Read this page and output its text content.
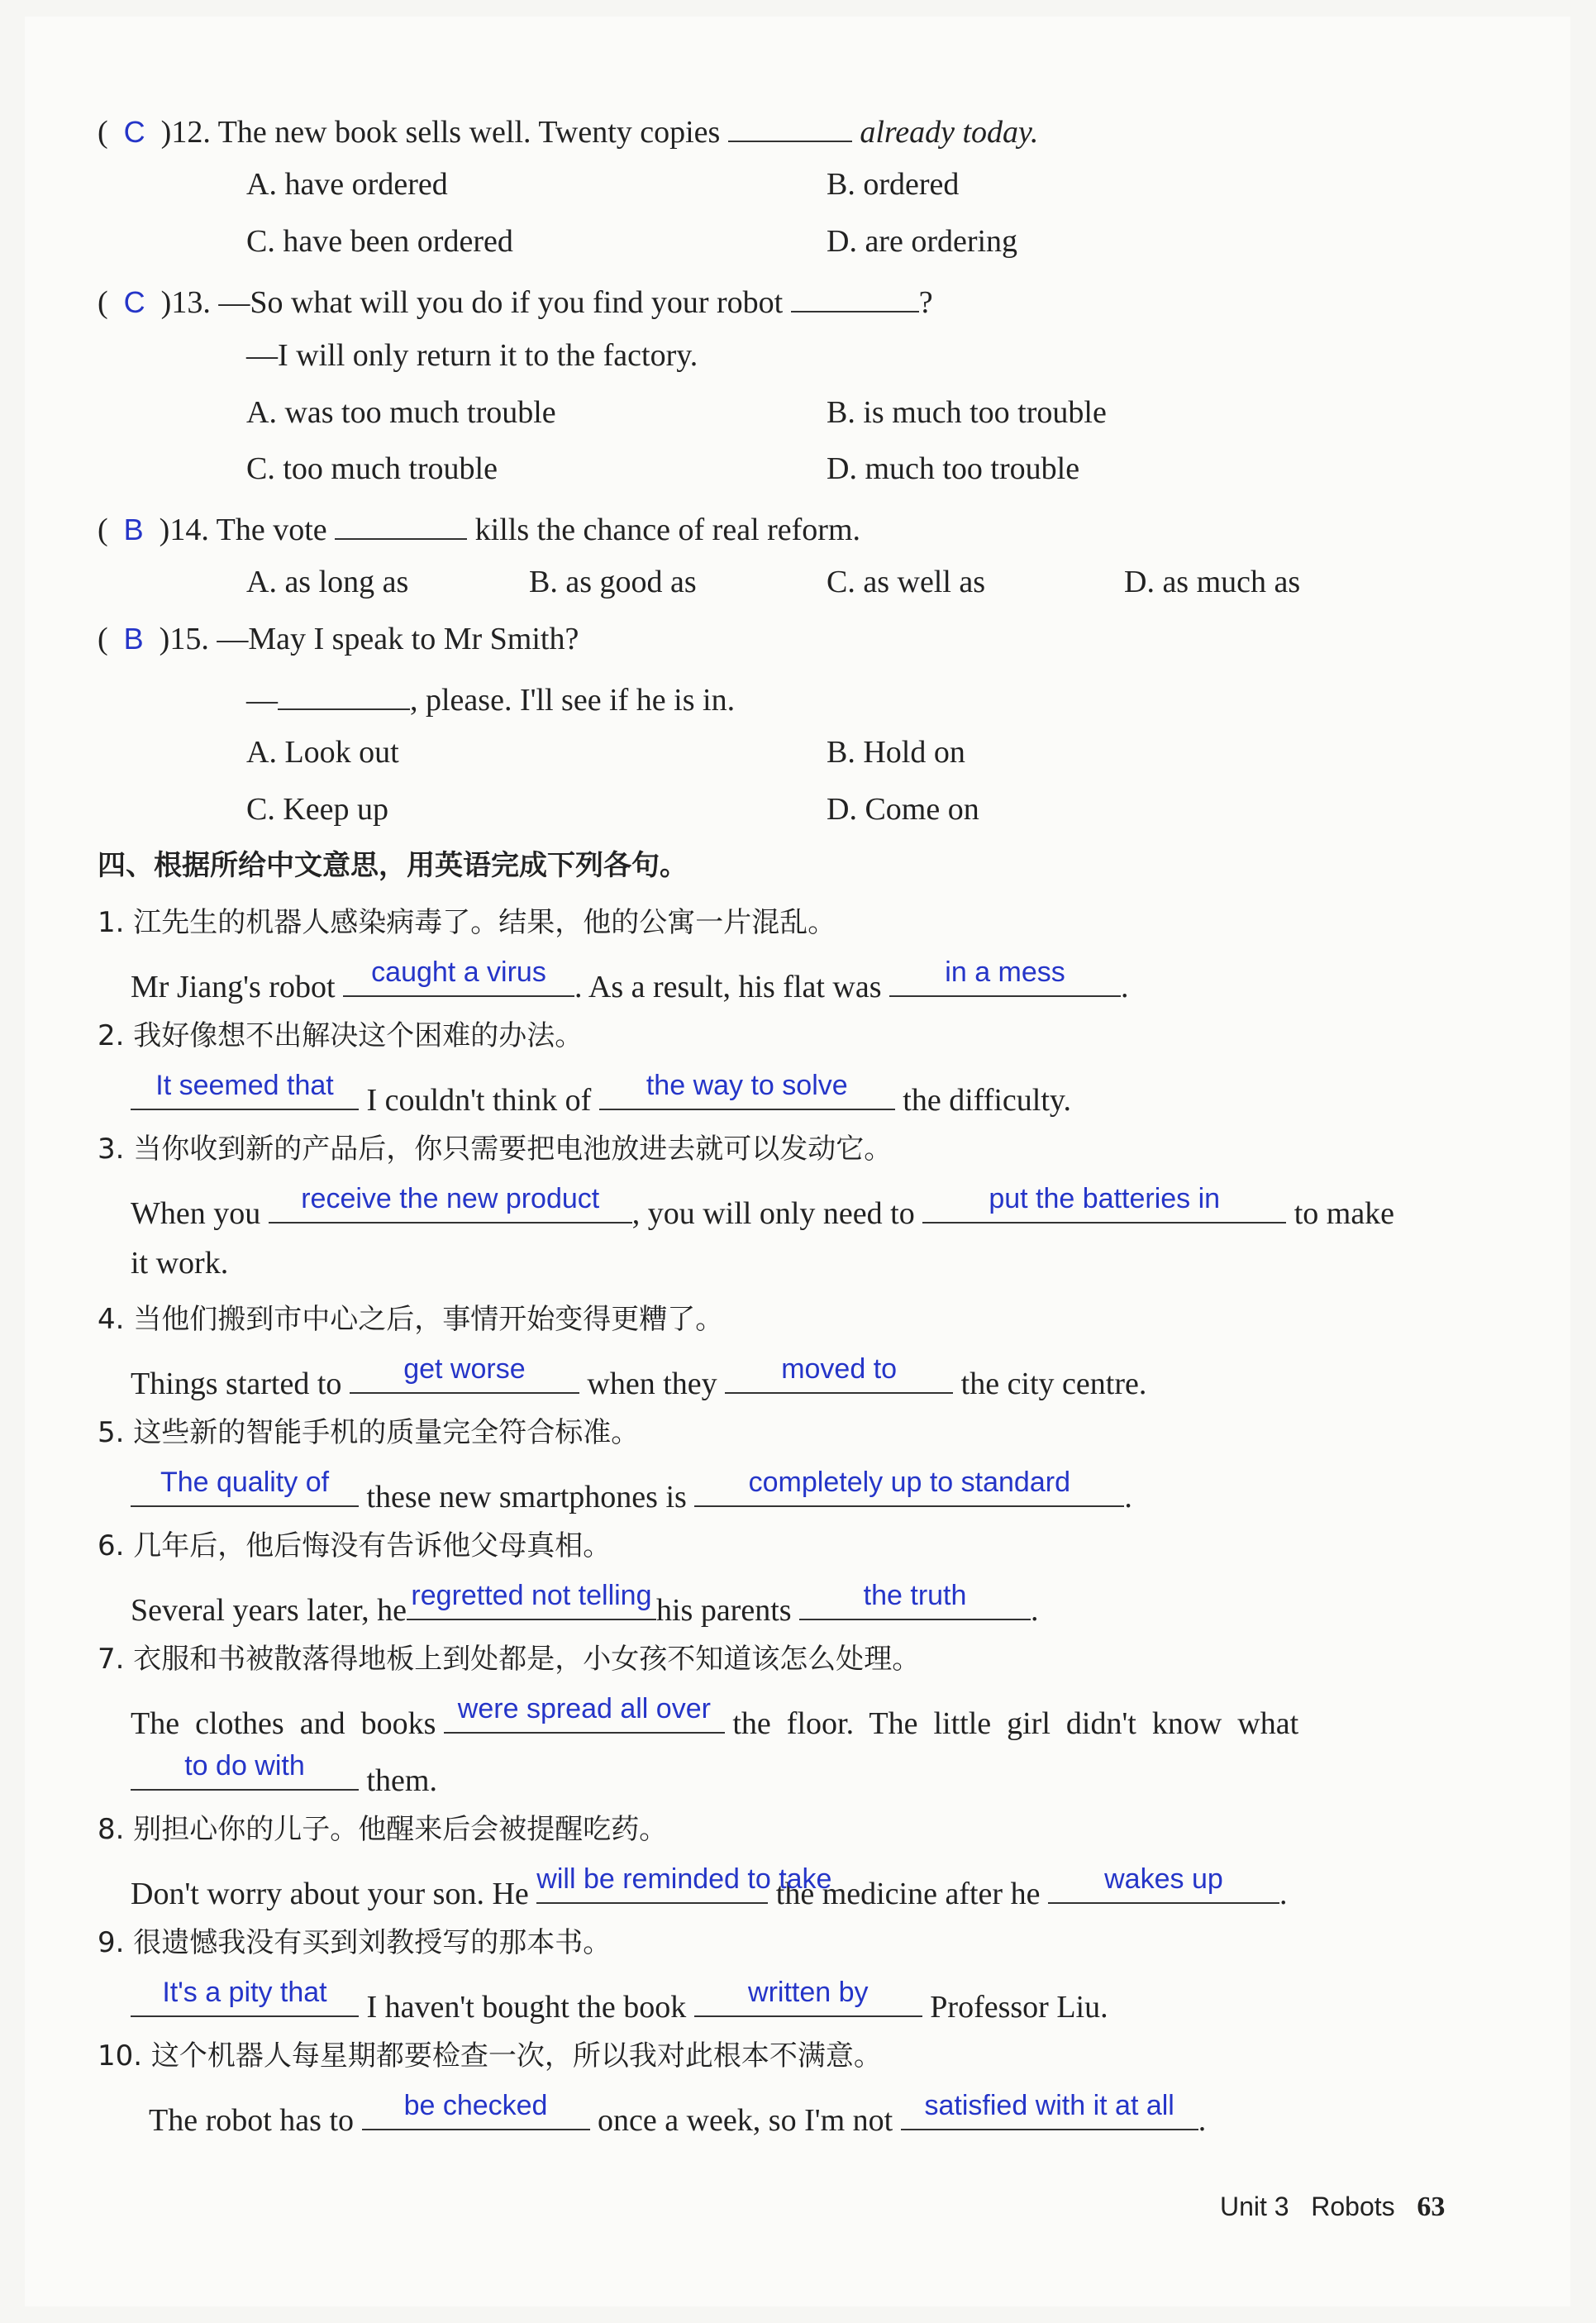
(  C  )12. The new book sells well. Twenty copies	already today.
A. have ordered	B. ordered
C. have been ordered	D. are ordering
(  C  )13. —So what will you do if you find your robot	?
—I will only return it to the factory.
A. was too much trouble	B. is much too trouble
C. too much trouble	D. much too trouble
(  B  )14. The vote	kills the chance of real reform.
A. as long as	B. as good as	C. as well as	D. as much as
(  B  )15. —May I speak to Mr Smith?
—	, please. I'll see if he is in.
A. Look out	B. Hold on
C. Keep up	D. Come on
四、根据所给中文意思，用英语完成下列各句。
1. 江先生的机器人感染病毒了。结果，他的公寓一片混乱。
Mr Jiang's robot	caught a virus . As a result, his flat was	in a mess	.
2. 我好像想不出解决这个困难的办法。
It seemed that	I couldn't think of	the way to solve	the difficulty.
3. 当你收到新的产品后，你只需要把电池放进去就可以发动它。
When you	receive the new product	, you will only need to	put the batteries in	to make
it work.
4. 当他们搬到市中心之后，事情开始变得更糟了。
Things started to	get worse	when they	moved to	the city centre.
5. 这些新的智能手机的质量完全符合标准。
The quality of	these new smartphones is	completely up to standard	.
6. 几年后，他后悔没有告诉他父母真相。
Several years later, he regretted not telling his parents	the truth	.
7. 衣服和书被散落得地板上到处都是，小女孩不知道该怎么处理。
The  clothes  and  books were spread all over the  floor.  The  little  girl  didn't  know  what
to do with	them.
8. 别担心你的儿子。他醒来后会被提醒吃药。
Don't worry about your son. He will be reminded to take
the medicine after he	wakes up	.
9. 很遗憾我没有买到刘教授写的那本书。
It's a pity that	I haven't bought the book	written by	Professor Liu.
10. 这个机器人每星期都要检查一次，所以我对此根本不满意。
The robot has to	be checked	once a week, so I'm not	satisfied with it at all .
Unit 3 Robots 63
